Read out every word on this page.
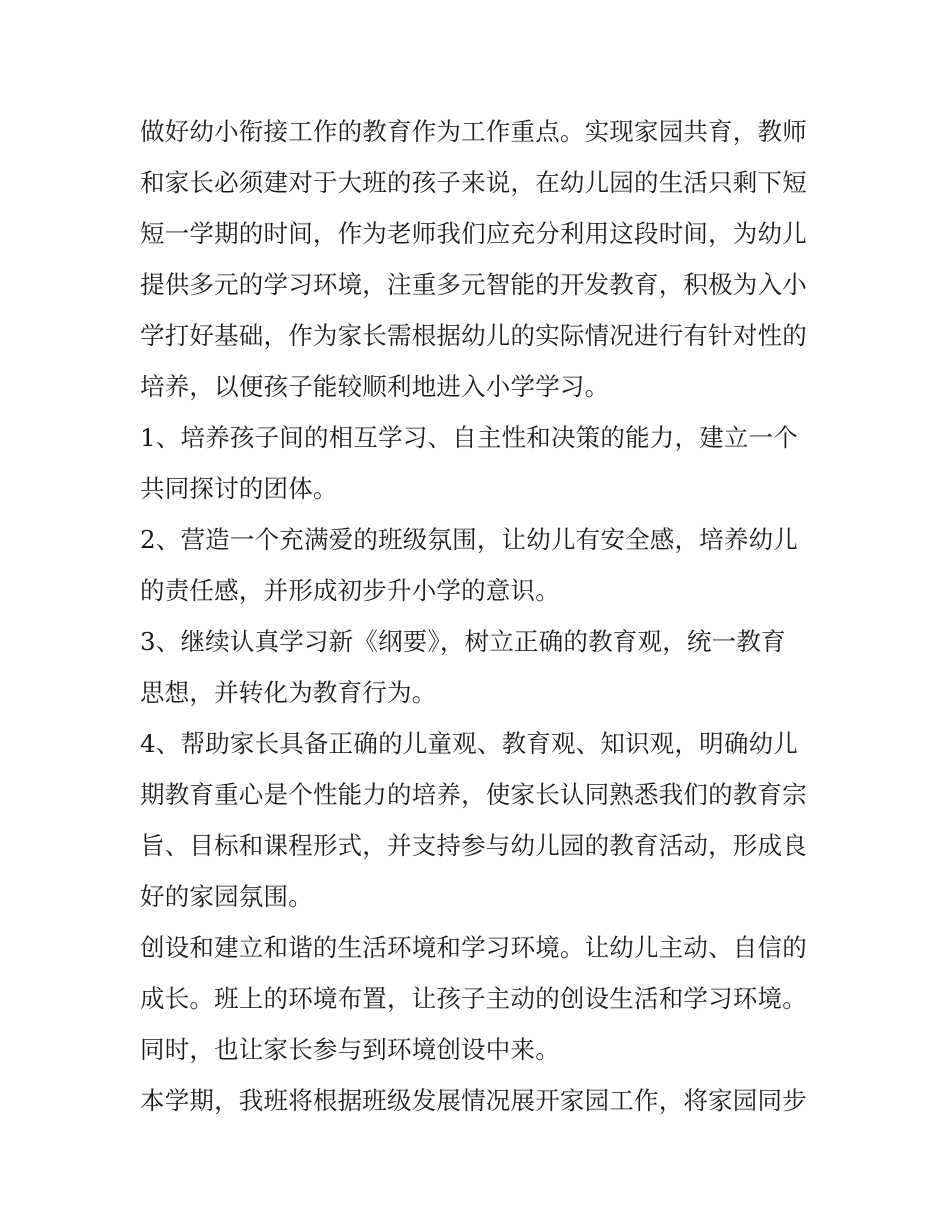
做好幼小衔接工作的教育作为工作重点。实现家园共育，教师
和家长必须建对于大班的孩子来说，在幼儿园的生活只剩下短
短一学期的时间，作为老师我们应充分利用这段时间，为幼儿
提供多元的学习环境，注重多元智能的开发教育，积极为入小
学打好基础，作为家长需根据幼儿的实际情况进行有针对性的
培养，以便孩子能较顺利地进入小学学习。
1、培养孩子间的相互学习、自主性和决策的能力，建立一个
共同探讨的团体。
2、营造一个充满爱的班级氛围，让幼儿有安全感，培养幼儿
的责任感，并形成初步升小学的意识。
3、继续认真学习新《纲要》，树立正确的教育观，统一教育
思想，并转化为教育行为。
4、帮助家长具备正确的儿童观、教育观、知识观，明确幼儿
期教育重心是个性能力的培养，使家长认同熟悉我们的教育宗
旨、目标和课程形式，并支持参与幼儿园的教育活动，形成良
好的家园氛围。
创设和建立和谐的生活环境和学习环境。让幼儿主动、自信的
成长。班上的环境布置，让孩子主动的创设生活和学习环境。
同时，也让家长参与到环境创设中来。
本学期，我班将根据班级发展情况展开家园工作，将家园同步
